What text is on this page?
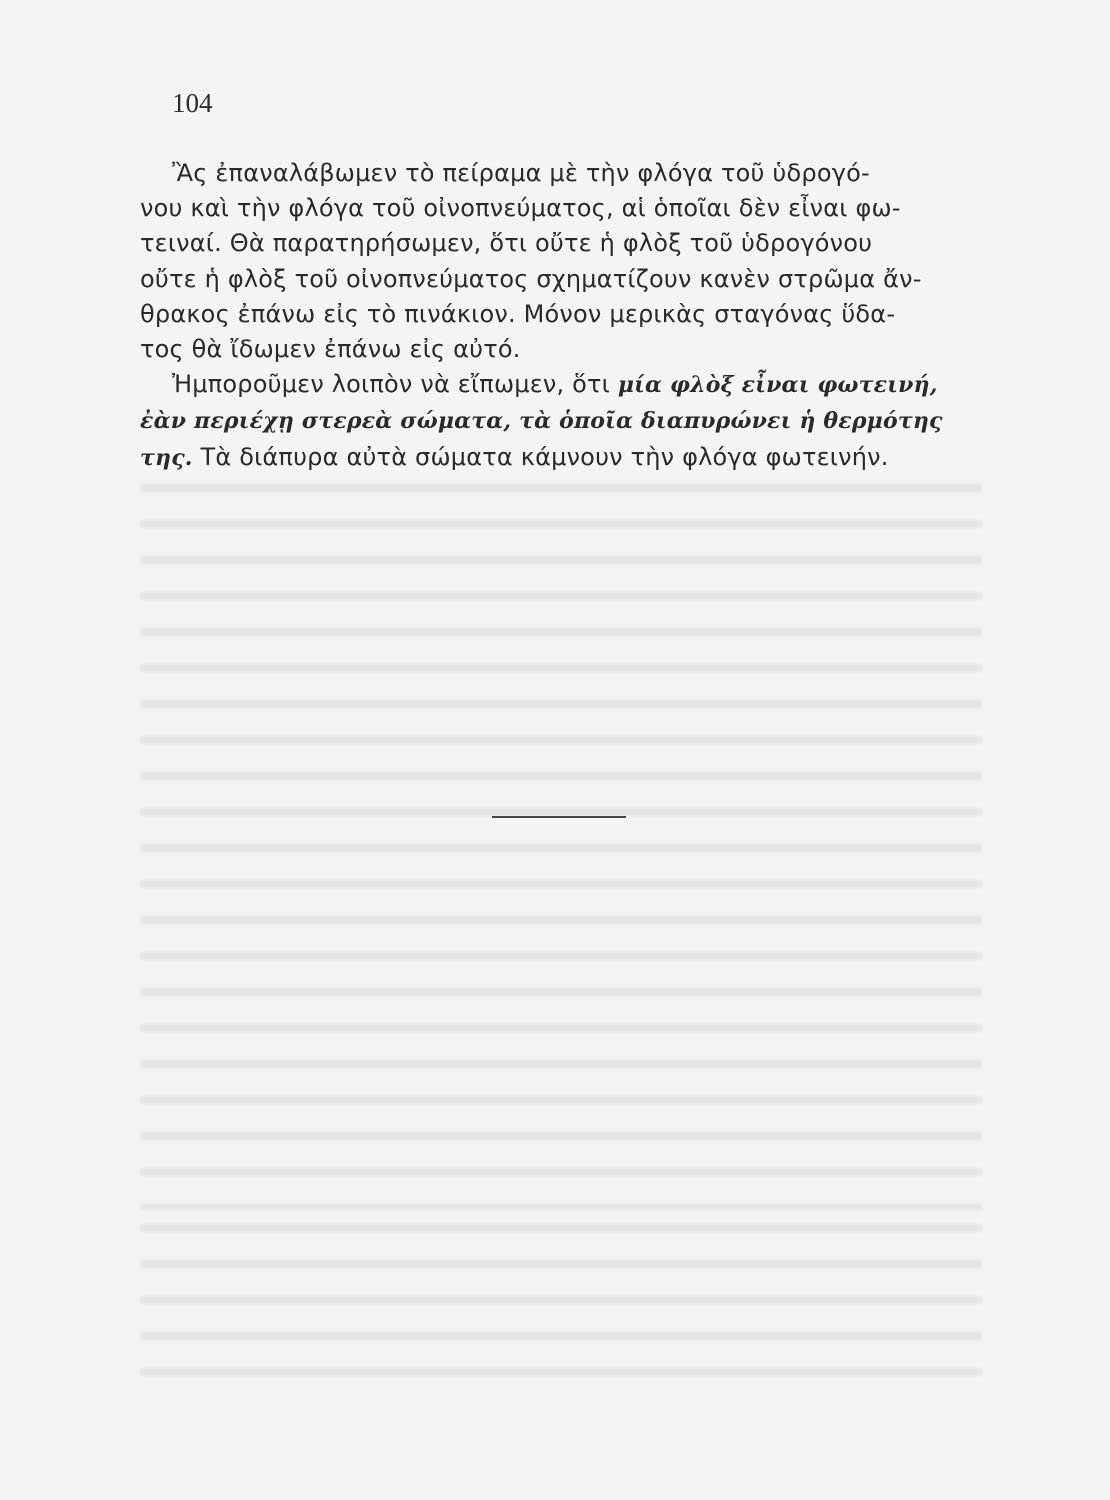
104

Ἂς ἐπαναλάβωμεν τὸ πείραμα μὲ τὴν φλόγα τοῦ ὑδρογό-
νου καὶ τὴν φλόγα τοῦ οἰνοπνεύματος, αἱ ὁποῖαι δὲν εἶναι φω-
τειναί. Θὰ παρατηρήσωμεν, ὅτι οὔτε ἡ φλὸξ τοῦ ὑδρογόνου
οὔτε ἡ φλὸξ τοῦ οἰνοπνεύματος σχηματίζουν κανὲν στρῶμα ἄν-
θρακος ἐπάνω εἰς τὸ πινάκιον. Μόνον μερικὰς σταγόνας ὕδα-
τος θὰ ἴδωμεν ἐπάνω εἰς αὐτό.

Ἠμποροῦμεν λοιπὸν νὰ εἴπωμεν, ὅτι μία φλὸξ εἶναι φωτεινή,
ἐὰν περιέχῃ στερεὰ σώματα, τὰ ὁποῖα διαπυρώνει ἡ θερμότης
της. Τὰ διάπυρα αὐτὰ σώματα κάμνουν τὴν φλόγα φωτεινήν.
